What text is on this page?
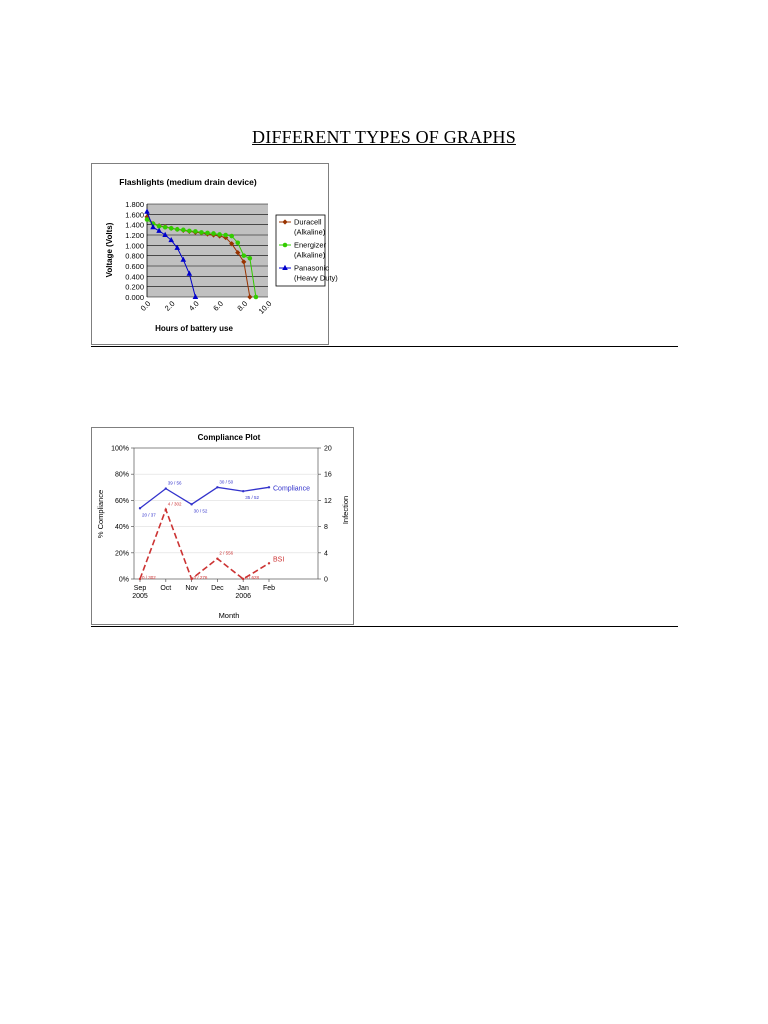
DIFFERENT TYPES OF GRAPHS
Flashlights (medium drain device)
0.000
0.200
0.400
0.600
0.800
1.000
1.200
1.400
1.600
1.800
0.0 2.0 4.0 6.0 8.0 10.0
Voltage (Volts)
Hours of battery use
Duracell (Alkaline)
Energizer (Alkaline)
Panasonic (Heavy Duty)
Compliance Plot
0%
20%
40%
60%
80%
100%
0
4
8
12
16
20
Sep 2005
Oct Nov Dec	Jan 2006
Feb
20 / 37
39 / 56
30 / 52
30 / 50
35 / 52
Compliance
0 / 302
4 / 302
0 / 276
2 / 556
0 / 628
BSI
% Compliance	Infection
Month
